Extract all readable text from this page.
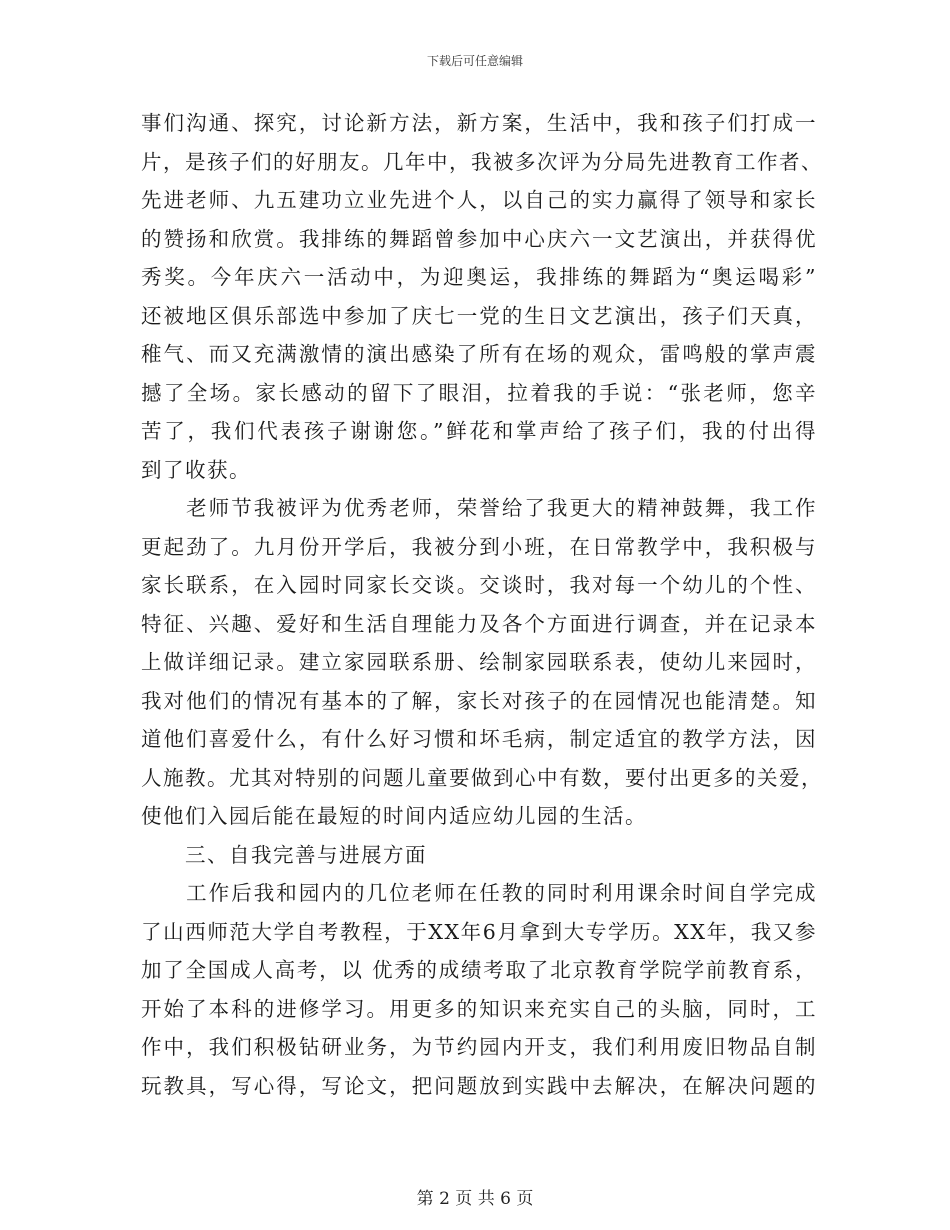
下载后可任意编辑
事们沟通、探究，讨论新方法，新方案，生活中，我和孩子们打成一
片，是孩子们的好朋友。几年中，我被多次评为分局先进教育工作者、
先进老师、九五建功立业先进个人，以自己的实力赢得了领导和家长
的赞扬和欣赏。我排练的舞蹈曾参加中心庆六一文艺演出，并获得优
秀奖。今年庆六一活动中，为迎奥运，我排练的舞蹈为“奥运喝彩”
还被地区俱乐部选中参加了庆七一党的生日文艺演出，孩子们天真，
稚气、而又充满激情的演出感染了所有在场的观众，雷鸣般的掌声震
撼了全场。家长感动的留下了眼泪，拉着我的手说：“张老师，您辛
苦了，我们代表孩子谢谢您。”鲜花和掌声给了孩子们，我的付出得
到了收获。
　　老师节我被评为优秀老师，荣誉给了我更大的精神鼓舞，我工作
更起劲了。九月份开学后，我被分到小班，在日常教学中，我积极与
家长联系，在入园时同家长交谈。交谈时，我对每一个幼儿的个性、
特征、兴趣、爱好和生活自理能力及各个方面进行调查，并在记录本
上做详细记录。建立家园联系册、绘制家园联系表，使幼儿来园时，
我对他们的情况有基本的了解，家长对孩子的在园情况也能清楚。知
道他们喜爱什么，有什么好习惯和坏毛病，制定适宜的教学方法，因
人施教。尤其对特别的问题儿童要做到心中有数，要付出更多的关爱，
使他们入园后能在最短的时间内适应幼儿园的生活。
　　三、自我完善与进展方面
　　工作后我和园内的几位老师在任教的同时利用课余时间自学完成
了山西师范大学自考教程，于XX年6月拿到大专学历。XX年，我又参
加了全国成人高考，以 优秀的成绩考取了北京教育学院学前教育系，
开始了本科的进修学习。用更多的知识来充实自己的头脑，同时，工
作中，我们积极钻研业务，为节约园内开支，我们利用废旧物品自制
玩教具，写心得，写论文，把问题放到实践中去解决，在解决问题的
第 2 页 共 6 页
